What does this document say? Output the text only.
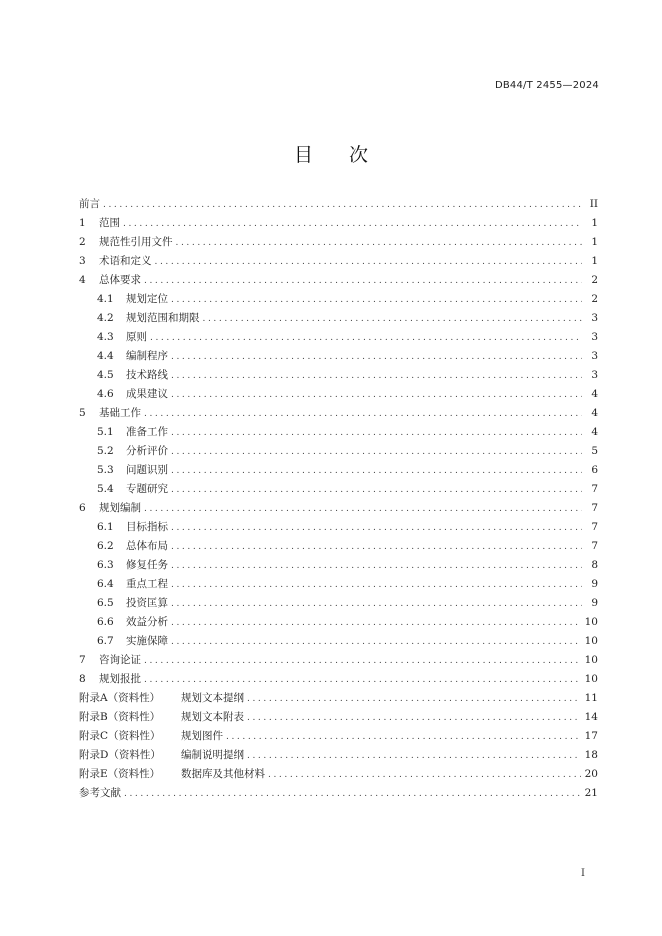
DB44/T 2455—2024
目 次
前言 .....	II
1	范围 .....	1
2	规范性引用文件 .....	1
3	术语和定义 .....	1
4	总体要求 .....	2
4.1	规划定位 .....	2
4.2	规划范围和期限 .....	3
4.3	原则 .....	3
4.4	编制程序 .....	3
4.5	技术路线 .....	3
4.6	成果建议 .....	4
5	基础工作 .....	4
5.1	准备工作 .....	4
5.2	分析评价 .....	5
5.3	问题识别 .....	6
5.4	专题研究 .....	7
6	规划编制 .....	7
6.1	目标指标 .....	7
6.2	总体布局 .....	7
6.3	修复任务 .....	8
6.4	重点工程 .....	9
6.5	投资匡算 .....	9
6.6	效益分析 .....	10
6.7	实施保障 .....	10
7	咨询论证 .....	10
8	规划报批 .....	10
附录A（资料性）	规划文本提纲 .....	11
附录B（资料性）	规划文本附表 .....	14
附录C（资料性）	规划图件 .....	17
附录D（资料性）	编制说明提纲 .....	18
附录E（资料性）	数据库及其他材料 .....	20
参考文献 .....	21
I
